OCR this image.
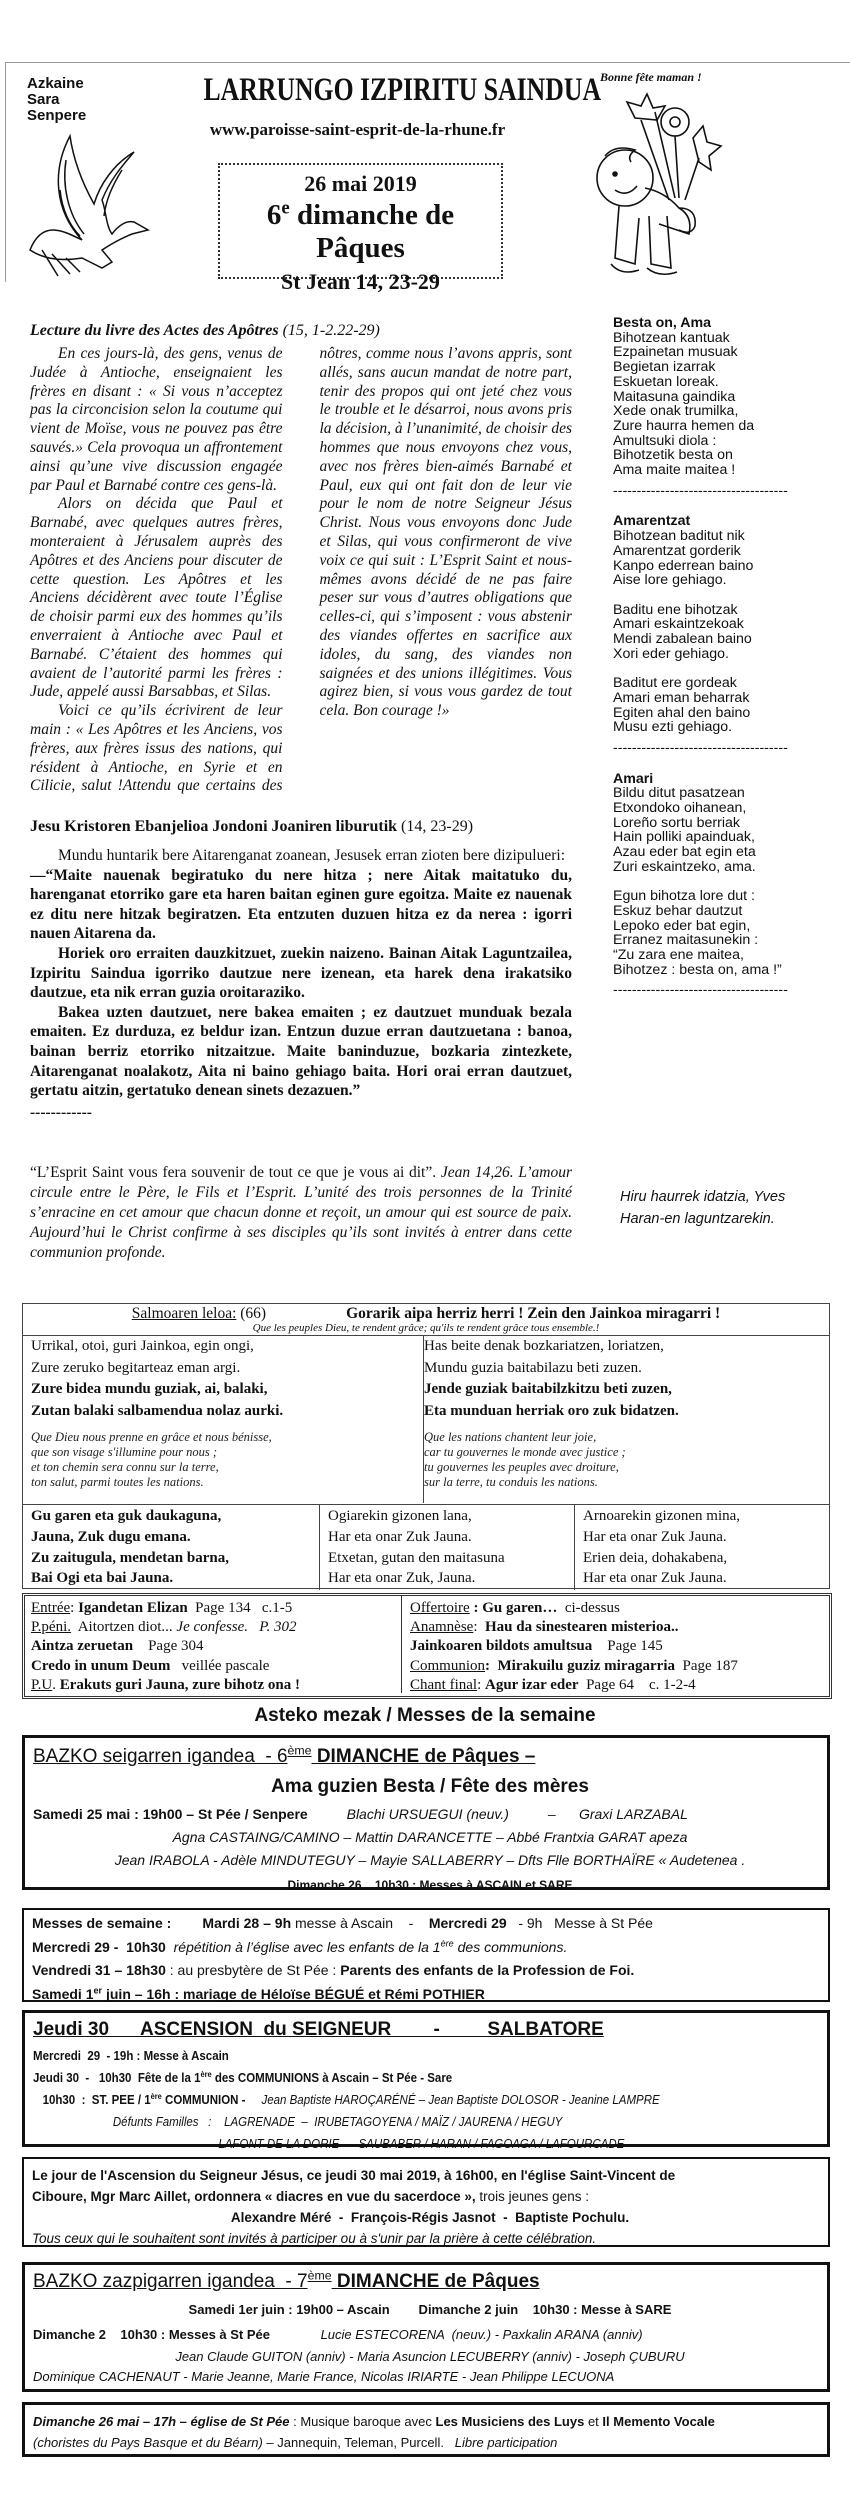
Azkaine
Sara
Senpere
LARRUNGO IZPIRITU SAINDUA
www.paroisse-saint-esprit-de-la-rhune.fr
26 mai 2019
6e dimanche de Pâques
St Jean 14, 23-29
Bonne fête maman !
Lecture du livre des Actes des Apôtres (15, 1-2.22-29)

En ces jours-là, des gens, venus de Judée à Antioche, enseignaient les frères en disant : « Si vous n’acceptez pas la circoncision selon la coutume qui vient de Moïse, vous ne pouvez pas être sauvés.» Cela provoqua un affrontement ainsi qu’une vive discussion engagée par Paul et Barnabé contre ces gens-là.

Alors on décida que Paul et Barnabé, avec quelques autres frères, monteraient à Jérusalem auprès des Apôtres et des Anciens pour discuter de cette question. Les Apôtres et les Anciens décidèrent avec toute l’Église de choisir parmi eux des hommes qu’ils enverraient à Antioche avec Paul et Barnabé. C’étaient des hommes qui avaient de l’autorité parmi les frères : Jude, appelé aussi Barsabbas, et Silas.

Voici ce qu’ils écrivirent de leur main : « Les Apôtres et les Anciens, vos frères, aux frères issus des nations, qui résident à Antioche, en Syrie et en Cilicie, salut !Attendu que certains des nôtres, comme nous l’avons appris, sont allés, sans aucun mandat de notre part, tenir des propos qui ont jeté chez vous le trouble et le désarroi, nous avons pris la décision, à l’unanimité, de choisir des hommes que nous envoyons chez vous, avec nos frères bien-aimés Barnabé et Paul, eux qui ont fait don de leur vie pour le nom de notre Seigneur Jésus Christ. Nous vous envoyons donc Jude et Silas, qui vous confirmeront de vive voix ce qui suit : L’Esprit Saint et nous-mêmes avons décidé de ne pas faire peser sur vous d’autres obligations que celles-ci, qui s’imposent : vous abstenir des viandes offertes en sacrifice aux idoles, du sang, des viandes non saignées et des unions illégitimes. Vous agirez bien, si vous vous gardez de tout cela. Bon courage !»

Jesu Kristoren Ebanjelioa Jondoni Joaniren liburutik (14, 23-29)

Mundu huntarik bere Aitarenganat zoanean, Jesusek erran zioten bere dizipulueri:

—“Maite nauenak begiratuko du nere hitza ; nere Aitak maitatuko du, harenganat etorriko gare eta haren baitan eginen gure egoitza. Maite ez nauenak ez ditu nere hitzak begiratzen. Eta entzuten duzuen hitza ez da nerea : igorri nauen Aitarena da.

Horiek oro erraiten dauzkitzuet, zuekin naizeno. Bainan Aitak Laguntzailea, Izpiritu Saindua igorriko dautzue nere izenean, eta harek dena irakatsiko dautzue, eta nik erran guzia oroitaraziko.

Bakea uzten dautzuet, nere bakea emaiten ; ez dautzuet munduak bezala emaiten. Ez durduza, ez beldur izan. Entzun duzue erran dautzuetana : banoa, bainan berriz etorriko nitzaitzue. Maite baninduzue, bozkaria zintezkete, Aitarenganat noalakotz, Aita ni baino gehiago baita. Hori orai erran dautzuet, gertatu aitzin, gertatuko denean sinets dezazuen.”

------------

“L’Esprit Saint vous fera souvenir de tout ce que je vous ai dit”. Jean 14,26. L’amour circule entre le Père, le Fils et l’Esprit. L’unité des trois personnes de la Trinité s’enracine en cet amour que chacun donne et reçoit, un amour qui est source de paix. Aujourd’hui le Christ confirme à ses disciples qu’ils sont invités à entrer dans cette communion profonde.
Besta on, Ama
Bihotzean kantuak
Ezpainetan musuak
Begietan izarrak
Eskuetan loreak.
Maitasuna gaindika
Xede onak trumilka,
Zure haurra hemen da
Amultsuki diola :
Bihotzetik besta on
Ama maite maitea !
-------------------------------------
Amarentzat
Bihotzean baditut nik
Amarentzat gorderik
Kanpo ederrean baino
Aise lore gehiago.
Baditu ene bihotzak
Amari eskaintzekoak
Mendi zabalean baino
Xori eder gehiago.
Baditut ere gordeak
Amari eman beharrak
Egiten ahal den baino
Musu ezti gehiago.
-------------------------------------
Amari
Bildu ditut pasatzean
Etxondoko oihanean,
Loreño sortu berriak
Hain polliki apainduak,
Azau eder bat egin eta
Zuri eskaintzeko, ama.
Egun bihotza lore dut :
Eskuz behar dautzut
Lepoko eder bat egin,
Erranez maitasunekin :
“Zu zara ene maitea,
Bihotzez : besta on, ama !”
-------------------------------------
Hiru haurrek idatzia, Yves
Haran-en laguntzarekin.
Salmoaren leloa: (66)	Gorarik aipa herriz herri ! Zein den Jainkoa miragarri !
Que les peuples Dieu, te rendent grâce; qu'ils te rendent grâce tous ensemble.!
Urrikal, otoi, guri Jainkoa, egin ongi,
Zure zeruko begitarteaz eman argi.
Zure bidea mundu guziak, ai, balaki,
Zutan balaki salbamendua nolaz aurki.
Que Dieu nous prenne en grâce et nous bénisse,
que son visage s'illumine pour nous ;
et ton chemin sera connu sur la terre,
ton salut, parmi toutes les nations.
Has beite denak bozkariatzen, loriatzen,
Mundu guzia baitabilazu beti zuzen.
Jende guziak baitabilzkitzu beti zuzen,
Eta munduan herriak oro zuk bidatzen.
Que les nations chantent leur joie,
car tu gouvernes le monde avec justice ;
tu gouvernes les peuples avec droiture,
sur la terre, tu conduis les nations.
Gu garen eta guk daukaguna,
Jauna, Zuk dugu emana.
Zu zaitugula, mendetan barna,
Bai Ogi eta bai Jauna.
Ogiarekin gizonen lana,
Har eta onar Zuk Jauna.
Etxetan, gutan den maitasuna
Har eta onar Zuk, Jauna.
Arnoarekin gizonen mina,
Har eta onar Zuk Jauna.
Erien deia, dohakabena,
Har eta onar Zuk Jauna.
Entrée: Igandetan Elizan  Page 134   c.1-5
P.péni.  Aitortzen diot... Je confesse.   P. 302
Aintza zeruetan    Page 304
Credo in unum Deum   veillée pascale
P.U. Erakuts guri Jauna, zure bihotz ona !
Offertoire : Gu garen…  ci-dessus
Anamnèse:  Hau da sinestearen misterioa..
Jainkoaren bildots amultsua    Page 145
Communion:  Mirakuilu guziz miragarria  Page 187
Chant final: Agur izar eder  Page 64    c. 1-2-4
Asteko mezak / Messes de la semaine
BAZKO seigarren igandea  - 6ème DIMANCHE de Pâques –
Ama guzien Besta / Fête des mères
Samedi 25 mai : 19h00 – St Pée / Senpere          Blachi URSUEGUI (neuv.)          –      Graxi LARZABAL
Agna CASTAING/CAMINO – Mattin DARANCETTE – Abbé Frantxia GARAT apeza
Jean IRABOLA - Adèle MINDUTEGUY – Mayie SALLABERRY – Dfts Flle BORTHAÏRE « Audetenea .
Dimanche 26    10h30 : Messes à ASCAIN et SARE
Messes de semaine :        Mardi 28 – 9h messe à Ascain    -    Mercredi 29   - 9h   Messe à St Pée
Mercredi 29 -  10h30  répétition à l’église avec les enfants de la 1ère des communions.
Vendredi 31 – 18h30 : au presbytère de St Pée : Parents des enfants de la Profession de Foi.
Samedi 1er juin – 16h : mariage de Héloïse BÉGUÉ et Rémi POTHIER
Jeudi 30      ASCENSION  du SEIGNEUR        -         SALBATORE
Mercredi  29  - 19h : Messe à Ascain
Jeudi 30  -   10h30  Fête de la 1ère des COMMUNIONS à Ascain – St Pée - Sare
10h30  :  ST. PEE / 1ère COMMUNION -     Jean Baptiste HAROÇARÉNÉ – Jean Baptiste DOLOSOR - Jeanine LAMPRE
Défunts Familles   :    LAGRENADE  –  IRUBETAGOYENA / MAÏZ / JAURENA / HEGUY
LAFONT DE LA DORIE  –  SAUBABER / HARAN / FAGOAGA / LAFOURCADE
Le jour de l'Ascension du Seigneur Jésus, ce jeudi 30 mai 2019, à 16h00, en l'église Saint-Vincent de
Ciboure, Mgr Marc Aillet, ordonnera « diacres en vue du sacerdoce », trois jeunes gens :
Alexandre Méré  -  François-Régis Jasnot  -  Baptiste Pochulu.
Tous ceux qui le souhaitent sont invités à participer ou à s'unir par la prière à cette célébration.
BAZKO zazpigarren igandea  - 7ème DIMANCHE de Pâques
Samedi 1er juin : 19h00 – Ascain        Dimanche 2 juin    10h30 : Messe à SARE
Dimanche 2    10h30 : Messes à St Pée              Lucie ESTECORENA  (neuv.) - Paxkalin ARANA (anniv)
Jean Claude GUITON (anniv) - Maria Asuncion LECUBERRY (anniv) - Joseph ÇUBURU
Dominique CACHENAUT - Marie Jeanne, Marie France, Nicolas IRIARTE - Jean Philippe LECUONA
Dimanche 26 mai – 17h – église de St Pée : Musique baroque avec Les Musiciens des Luys et Il Memento Vocale
(choristes du Pays Basque et du Béarn) – Jannequin, Teleman, Purcell.   Libre participation
